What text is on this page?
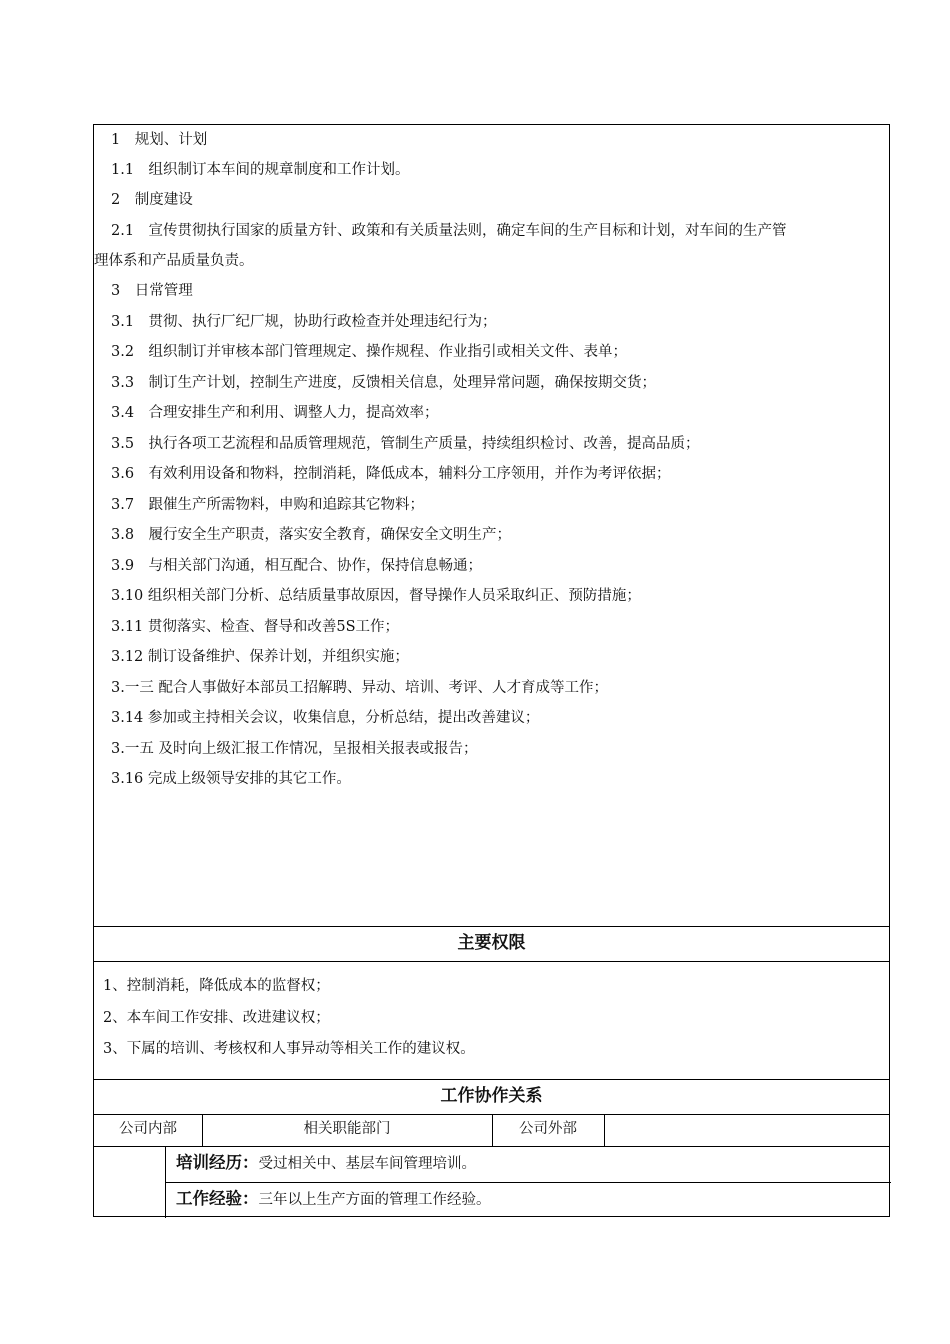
1　规划、计划
1.1　组织制订本车间的规章制度和工作计划。
2　制度建设
2.1　宣传贯彻执行国家的质量方针、政策和有关质量法则，确定车间的生产目标和计划，对车间的生产管
理体系和产品质量负责。
3　日常管理
3.1　贯彻、执行厂纪厂规，协助行政检查并处理违纪行为；
3.2　组织制订并审核本部门管理规定、操作规程、作业指引或相关文件、表单；
3.3　制订生产计划，控制生产进度，反馈相关信息，处理异常问题，确保按期交货；
3.4　合理安排生产和利用、调整人力，提高效率；
3.5　执行各项工艺流程和品质管理规范，管制生产质量，持续组织检讨、改善，提高品质；
3.6　有效利用设备和物料，控制消耗，降低成本，辅料分工序领用，并作为考评依据；
3.7　跟催生产所需物料，申购和追踪其它物料；
3.8　履行安全生产职责，落实安全教育，确保安全文明生产；
3.9　与相关部门沟通，相互配合、协作，保持信息畅通；
3.10 组织相关部门分析、总结质量事故原因，督导操作人员采取纠正、预防措施；
3.11 贯彻落实、检查、督导和改善5S工作；
3.12 制订设备维护、保养计划，并组织实施；
3.一三 配合人事做好本部员工招解聘、异动、培训、考评、人才育成等工作；
3.14 参加或主持相关会议，收集信息，分析总结，提出改善建议；
3.一五 及时向上级汇报工作情况，呈报相关报表或报告；
3.16 完成上级领导安排的其它工作。
主要权限
1、控制消耗，降低成本的监督权；
2、本车间工作安排、改进建议权；
3、下属的培训、考核权和人事异动等相关工作的建议权。
工作协作关系
公司内部	相关职能部门	公司外部
培训经历：受过相关中、基层车间管理培训。
工作经验：三年以上生产方面的管理工作经验。
